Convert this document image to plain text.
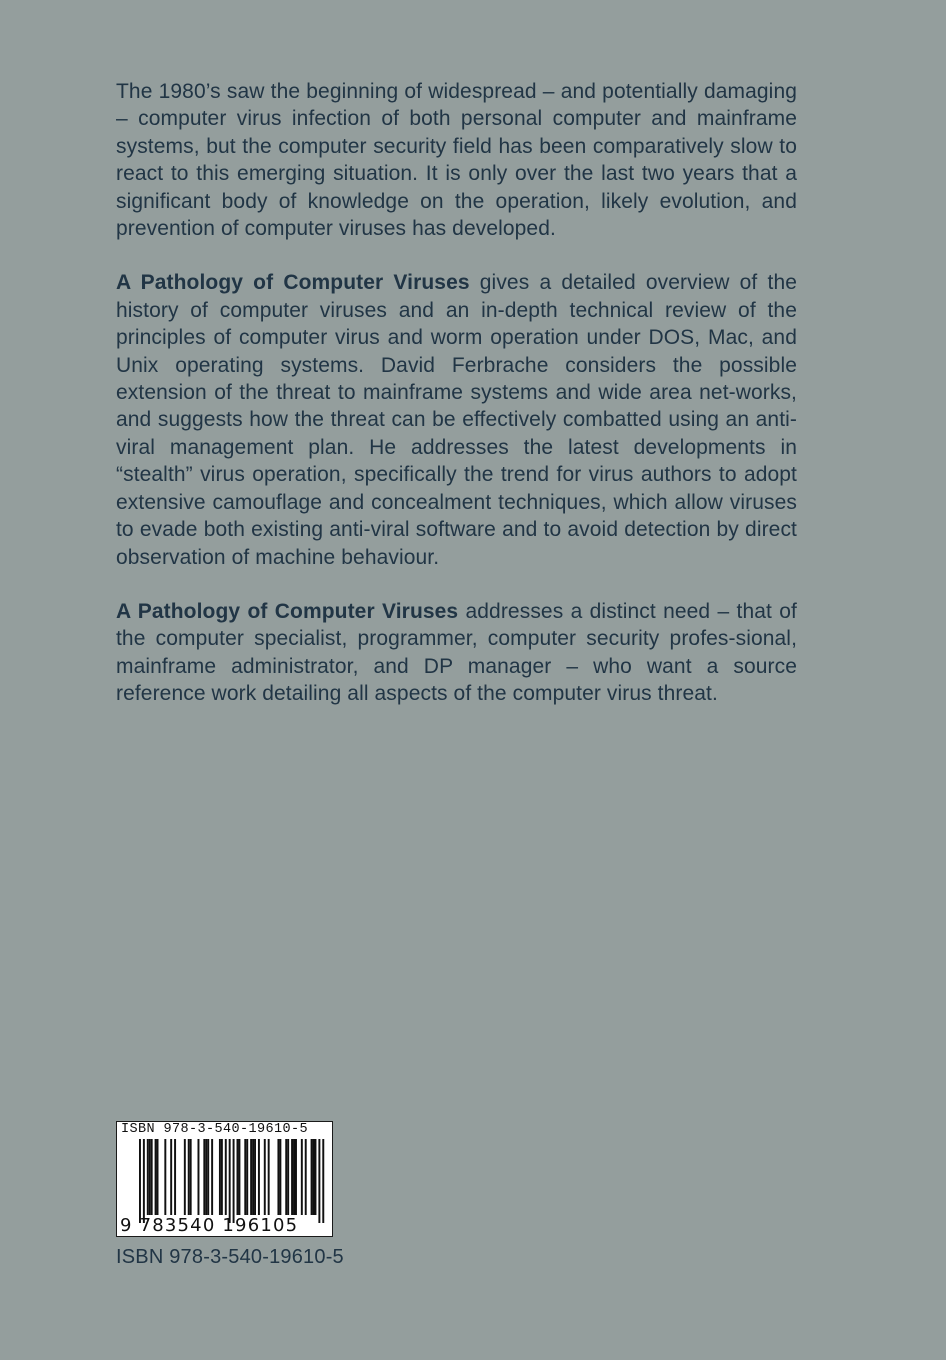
The 1980’s saw the beginning of widespread – and potentially damaging – computer virus infection of both personal computer and mainframe systems, but the computer security field has been comparatively slow to react to this emerging situation. It is only over the last two years that a significant body of knowledge on the operation, likely evolution, and prevention of computer viruses has developed.

A Pathology of Computer Viruses gives a detailed overview of the history of computer viruses and an in-depth technical review of the principles of computer virus and worm operation under DOS, Mac, and Unix operating systems. David Ferbrache considers the possible extension of the threat to mainframe systems and wide area net-works, and suggests how the threat can be effectively combatted using an anti-viral management plan. He addresses the latest developments in “stealth” virus operation, specifically the trend for virus authors to adopt extensive camouflage and concealment techniques, which allow viruses to evade both existing anti-viral software and to avoid detection by direct observation of machine behaviour.

A Pathology of Computer Viruses addresses a distinct need – that of the computer specialist, programmer, computer security profes-sional, mainframe administrator, and DP manager – who want a source reference work detailing all aspects of the computer virus threat.

ISBN 978-3-540-19610-5
9 783540 196105
ISBN 978-3-540-19610-5
